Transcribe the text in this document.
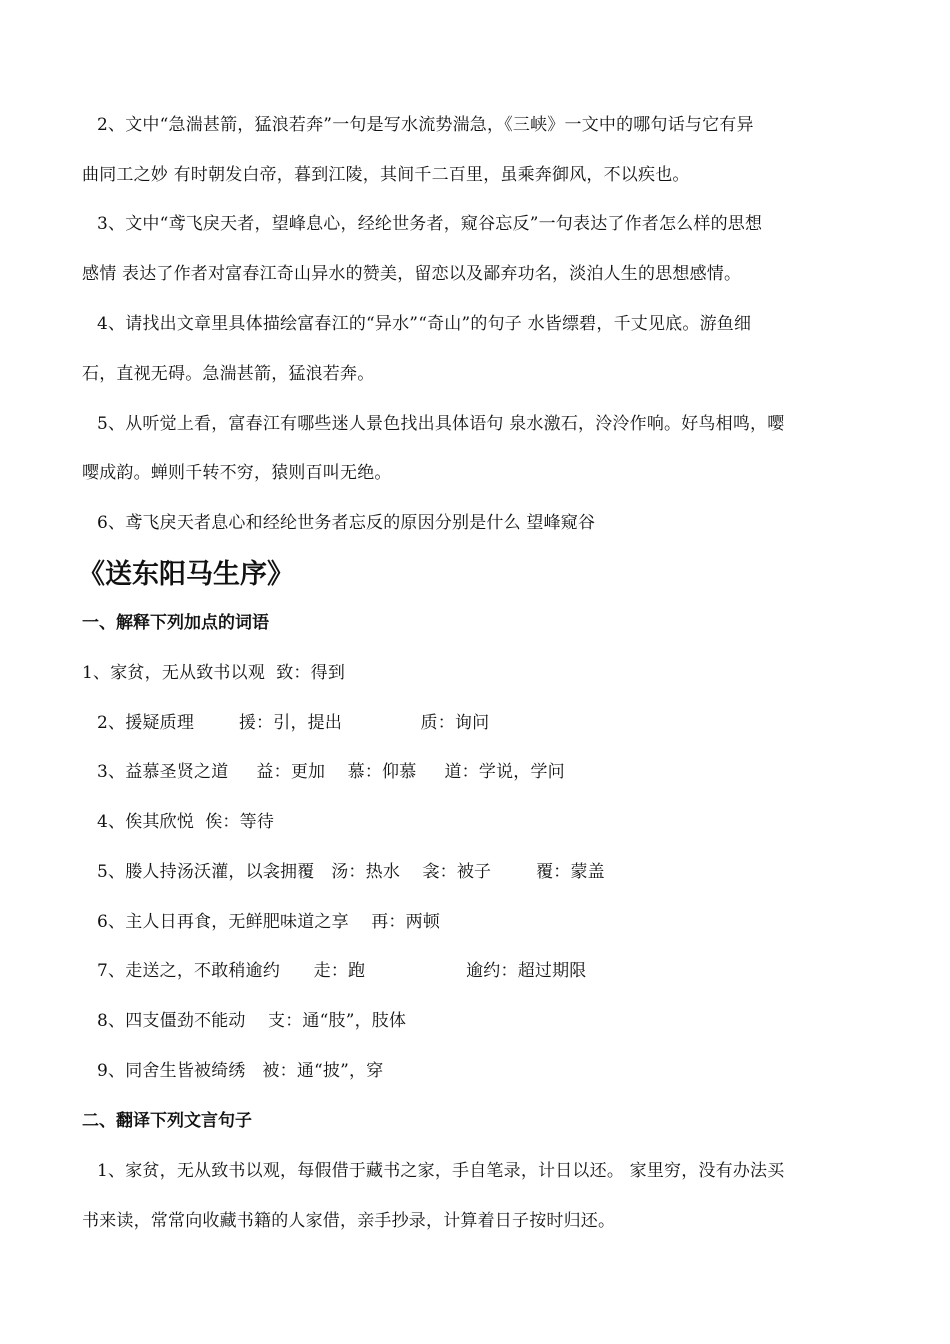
2、文中“急湍甚箭，猛浪若奔”一句是写水流势湍急，《三峡》一文中的哪句话与它有异
曲同工之妙 有时朝发白帝，暮到江陵，其间千二百里，虽乘奔御风，不以疾也。
3、文中“鸢飞戾天者，望峰息心，经纶世务者，窥谷忘反”一句表达了作者怎么样的思想
感情 表达了作者对富春江奇山异水的赞美，留恋以及鄙弃功名，淡泊人生的思想感情。
4、请找出文章里具体描绘富春江的“异水”“奇山”的句子 水皆缥碧，千丈见底。游鱼细
石，直视无碍。急湍甚箭，猛浪若奔。
5、从听觉上看，富春江有哪些迷人景色找出具体语句 泉水激石，泠泠作响。好鸟相鸣，嘤
嘤成韵。蝉则千转不穷，猿则百叫无绝。
6、鸢飞戾天者息心和经纶世务者忘反的原因分别是什么 望峰窥谷
《送东阳马生序》
一、解释下列加点的词语
1、家贫，无从致书以观  致：得到
2、援疑质理        援：引，提出              质：询问
3、益慕圣贤之道     益：更加    慕：仰慕     道：学说，学问
4、俟其欣悦  俟：等待
5、媵人持汤沃灌，以衾拥覆   汤：热水    衾：被子        覆：蒙盖
6、主人日再食，无鲜肥味道之享    再：两顿
7、走送之，不敢稍逾约      走：跑                  逾约：超过期限
8、四支僵劲不能动    支：通“肢”，肢体
9、同舍生皆被绮绣   被：通“披”，穿
二、翻译下列文言句子
1、家贫，无从致书以观，每假借于藏书之家，手自笔录，计日以还。 家里穷，没有办法买
书来读，常常向收藏书籍的人家借，亲手抄录，计算着日子按时归还。
